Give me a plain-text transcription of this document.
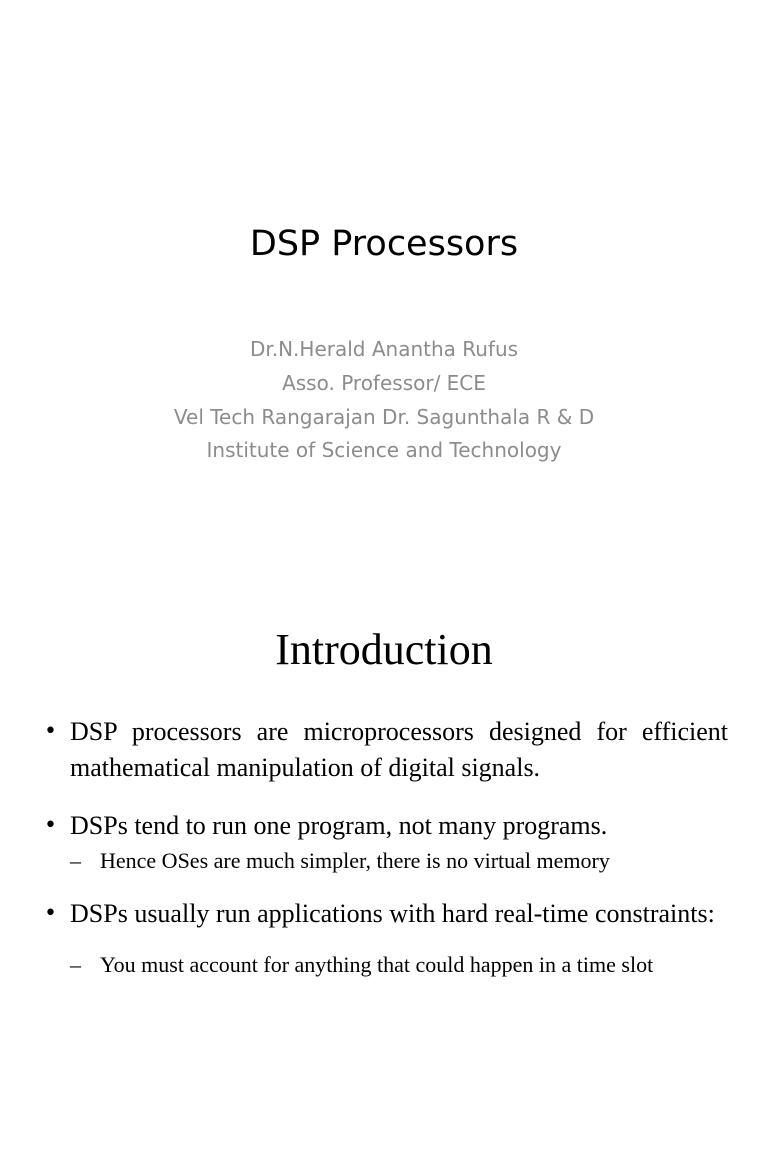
DSP Processors
Dr.N.Herald Anantha Rufus
Asso. Professor/ ECE
Vel Tech Rangarajan Dr. Sagunthala R & D
Institute of Science and Technology
Introduction
• DSP processors are microprocessors designed for efficient mathematical manipulation of digital signals.
• DSPs tend to run one program, not many programs.
– Hence OSes are much simpler, there is no virtual memory
• DSPs usually run applications with hard real-time constraints:
– You must account for anything that could happen in a time slot
